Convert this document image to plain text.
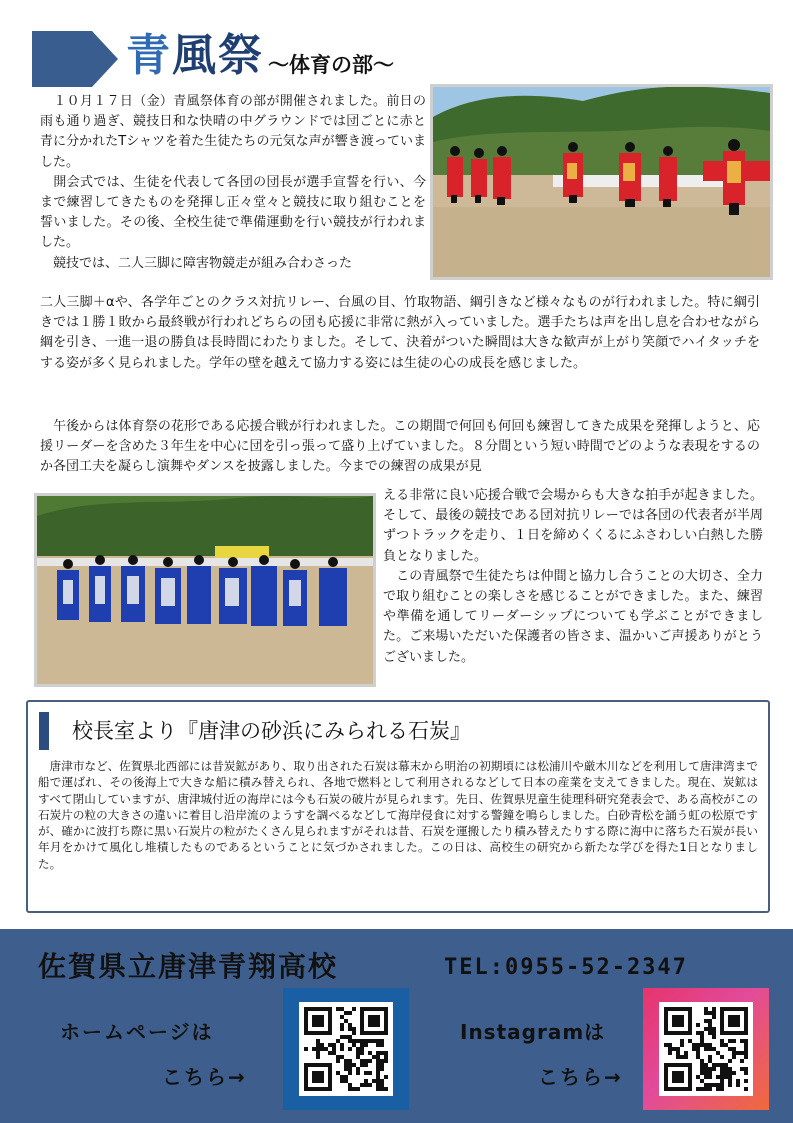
青風祭 ～体育の部～

　１０月１７日（金）青風祭体育の部が開催されました。前日の雨も通り過ぎ、競技日和な快晴の中グラウンドでは団ごとに赤と青に分かれたTシャツを着た生徒たちの元気な声が響き渡っていました。

　開会式では、生徒を代表して各団の団長が選手宣誓を行い、今まで練習してきたものを発揮し正々堂々と競技に取り組むことを誓いました。その後、全校生徒で準備運動を行い競技が行われました。

　競技では、二人三脚に障害物競走が組み合わさった

二人三脚＋αや、各学年ごとのクラス対抗リレー、台風の目、竹取物語、綱引きなど様々なものが行われました。特に綱引きでは１勝１敗から最終戦が行われどちらの団も応援に非常に熱が入っていました。選手たちは声を出し息を合わせながら綱を引き、一進一退の勝負は長時間にわたりました。そして、決着がついた瞬間は大きな歓声が上がり笑顔でハイタッチをする姿が多く見られました。学年の壁を越えて協力する姿には生徒の心の成長を感じました。

　午後からは体育祭の花形である応援合戦が行われました。この期間で何回も何回も練習してきた成果を発揮しようと、応援リーダーを含めた３年生を中心に団を引っ張って盛り上げていました。８分間という短い時間でどのような表現をするのか各団工夫を凝らし演舞やダンスを披露しました。今までの練習の成果が見

える非常に良い応援合戦で会場からも大きな拍手が起きました。そして、最後の競技である団対抗リレーでは各団の代表者が半周ずつトラックを走り、１日を締めくくるにふさわしい白熱した勝負となりました。

　この青風祭で生徒たちは仲間と協力し合うことの大切さ、全力で取り組むことの楽しさを感じることができました。また、練習や準備を通してリーダーシップについても学ぶことができました。ご来場いただいた保護者の皆さま、温かいご声援ありがとうございました。

校長室より『唐津の砂浜にみられる石炭』

　唐津市など、佐賀県北西部には昔炭鉱があり、取り出された石炭は幕末から明治の初期頃には松浦川や厳木川などを利用して唐津湾まで船で運ばれ、その後海上で大きな船に積み替えられ、各地で燃料として利用されるなどして日本の産業を支えてきました。現在、炭鉱はすべて閉山していますが、唐津城付近の海岸には今も石炭の破片が見られます。先日、佐賀県児童生徒理科研究発表会で、ある高校がこの石炭片の粒の大きさの違いに着目し沿岸流のようすを調べるなどして海岸侵食に対する警鐘を鳴らしました。白砂青松を誦う虹の松原ですが、確かに波打ち際に黒い石炭片の粒がたくさん見られますがそれは昔、石炭を運搬したり積み替えたりする際に海中に落ちた石炭が長い年月をかけて風化し堆積したものであるということに気づかされました。この日は、高校生の研究から新たな学びを得た1日となりました。

佐賀県立唐津青翔高校	TEL:0955-52-2347
ホームページは
こちら→
Instagramは
こちら→
